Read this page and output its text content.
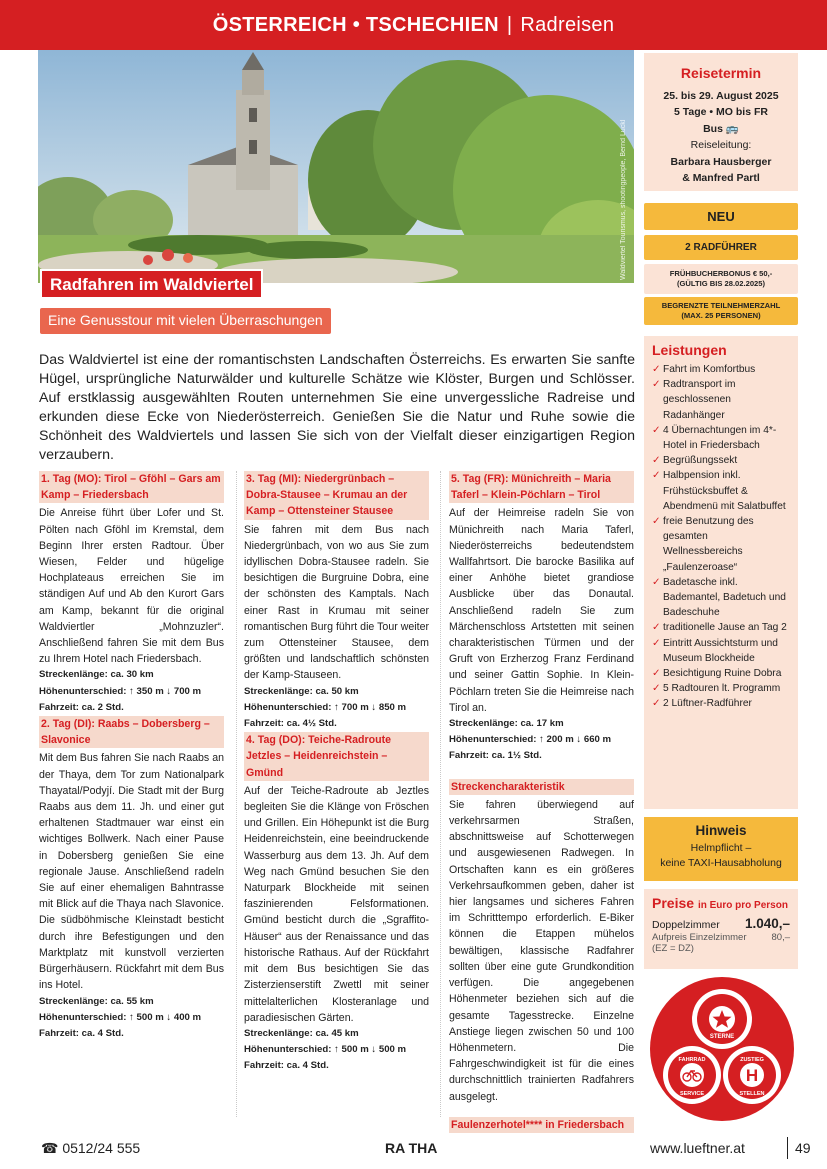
ÖSTERREICH • TSCHECHIEN | Radreisen
Waldviertel Tourismus, shootingpeople, Bernd Luckl
Radfahren im Waldviertel
Eine Genusstour mit vielen Überraschungen

Das Waldviertel ist eine der romantischsten Landschaften Österreichs. Es erwarten Sie sanfte Hügel, ursprüngliche Naturwälder und kulturelle Schätze wie Klöster, Burgen und Schlösser. Auf erstklassig ausgewählten Routen unternehmen Sie eine unvergessliche Radreise und erkunden diese Ecke von Niederösterreich. Genießen Sie die Natur und Ruhe sowie die Schönheit des Waldviertels und lassen Sie sich von der Vielfalt dieser einzigartigen Region verzaubern.

1. Tag (MO): Tirol – Gföhl – Gars am Kamp – Friedersbach

Die Anreise führt über Lofer und St. Pölten nach Gföhl im Kremstal, dem Beginn Ihrer ersten Radtour. Über Wiesen, Felder und hügelige Hochplateaus erreichen Sie im ständigen Auf und Ab den Kurort Gars am Kamp, bekannt für die original Waldviertler „Mohnzuzler“. Anschließend fahren Sie mit dem Bus zu Ihrem Hotel nach Friedersbach.

Streckenlänge: ca. 30 km
Höhenunterschied: ↑ 350 m ↓ 700 m
Fahrzeit: ca. 2 Std.
2. Tag (DI): Raabs – Dobersberg – Slavonice

Mit dem Bus fahren Sie nach Raabs an der Thaya, dem Tor zum Nationalpark Thayatal/Podyjí. Die Stadt mit der Burg Raabs aus dem 11. Jh. und einer gut erhaltenen Stadtmauer war einst ein wichtiges Bollwerk. Nach einer Pause in Dobersberg genießen Sie eine regionale Jause. Anschließend radeln Sie auf einer ehemaligen Bahntrasse mit Blick auf die Thaya nach Slavonice. Die südböhmische Kleinstadt besticht durch ihre Befestigungen und den Marktplatz mit kunstvoll verzierten Bürgerhäusern. Rückfahrt mit dem Bus ins Hotel.

Streckenlänge: ca. 55 km
Höhenunterschied: ↑ 500 m ↓ 400 m
Fahrzeit: ca. 4 Std.
3. Tag (MI): Niedergrünbach – Dobra-Stausee – Krumau an der Kamp – Ottensteiner Stausee

Sie fahren mit dem Bus nach Niedergrünbach, von wo aus Sie zum idyllischen Dobra-Stausee radeln. Sie besichtigen die Burgruine Dobra, eine der schönsten des Kamptals. Nach einer Rast in Krumau mit seiner romantischen Burg führt die Tour weiter zum Ottensteiner Stausee, dem größten und landschaftlich schönsten der Kamp-Stauseen.

Streckenlänge: ca. 50 km
Höhenunterschied: ↑ 700 m ↓ 850 m
Fahrzeit: ca. 4½ Std.
4. Tag (DO): Teiche-Radroute Jetzles – Heidenreichstein – Gmünd

Auf der Teiche-Radroute ab Jeztles begleiten Sie die Klänge von Fröschen und Grillen. Ein Höhepunkt ist die Burg Heidenreichstein, eine beeindruckende Wasserburg aus dem 13. Jh. Auf dem Weg nach Gmünd besuchen Sie den Naturpark Blockheide mit seinen faszinierenden Felsformationen. Gmünd besticht durch die „Sgraffito-Häuser“ aus der Renaissance und das historische Rathaus. Auf der Rückfahrt mit dem Bus besichtigen Sie das Zisterzienserstift Zwettl mit seiner mittelalterlichen Klosteranlage und paradiesischen Gärten.

Streckenlänge: ca. 45 km
Höhenunterschied: ↑ 500 m ↓ 500 m
Fahrzeit: ca. 4 Std.
5. Tag (FR): Münichreith – Maria Taferl – Klein-Pöchlarn – Tirol

Auf der Heimreise radeln Sie von Münichreith nach Maria Taferl, Niederösterreichs bedeutendstem Wallfahrtsort. Die barocke Basilika auf einer Anhöhe bietet grandiose Ausblicke über das Donautal. Anschließend radeln Sie zum Märchenschloss Artstetten mit seinen charakteristischen Türmen und der Gruft von Erzherzog Franz Ferdinand und seiner Gattin Sophie. In Klein-Pöchlarn treten Sie die Heimreise nach Tirol an.

Streckenlänge: ca. 17 km
Höhenunterschied: ↑ 200 m ↓ 660 m
Fahrzeit: ca. 1½ Std.
Streckencharakteristik

Sie fahren überwiegend auf verkehrsarmen Straßen, abschnittsweise auf Schotterwegen und ausgewiesenen Radwegen. In Ortschaften kann es ein größeres Verkehrsaufkommen geben, daher ist hier langsames und sicheres Fahren im Schritttempo erforderlich. E-Biker können die Etappen mühelos bewältigen, klassische Radfahrer sollten über eine gute Grundkondition verfügen. Die angegebenen Höhenmeter beziehen sich auf die gesamte Tagesstrecke. Einzelne Anstiege liegen zwischen 50 und 100 Höhenmetern. Die Fahrgeschwindigkeit ist für die eines durchschnittlich trainierten Radfahrers ausgelegt.

Faulenzerhotel**** in Friedersbach
Reisetermin
25. bis 29. August 2025
5 Tage • MO bis FR
Bus 🚌
Reiseleitung:
Barbara Hausberger
& Manfred Partl
NEU
2 RADFÜHRER
FRÜHBUCHERBONUS € 50,-
(GÜLTIG BIS 28.02.2025)
BEGRENZTE TEILNEHMERZAHL
(MAX. 25 PERSONEN)
Leistungen
✓ Fahrt im Komfortbus
✓ Radtransport im geschlossenen Radanhänger
✓ 4 Übernachtungen im 4*-Hotel in Friedersbach
✓ Begrüßungssekt
✓ Halbpension inkl. Frühstücksbuffet & Abendmenü mit Salatbuffet
✓ freie Benutzung des gesamten Wellnessbereichs „Faulenzeroase“
✓ Badetasche inkl. Bademantel, Badetuch und Badeschuhe
✓ traditionelle Jause an Tag 2
✓ Eintritt Aussichtsturm und Museum Blockheide
✓ Besichtigung Ruine Dobra
✓ 5 Radtouren lt. Programm
✓ 2 Lüftner-Radführer
Hinweis
Helmpflicht –
keine TAXI-Hausabholung
Preise in Euro pro Person
Doppelzimmer 1.040,–
Aufpreis Einzelzimmer	80,–
(EZ = DZ)
STERNE
FAHRRAD
SERVICE
H
ZUSTIEG
STELLEN
☎ 0512/24 555	RA THA	www.lueftner.at	49
